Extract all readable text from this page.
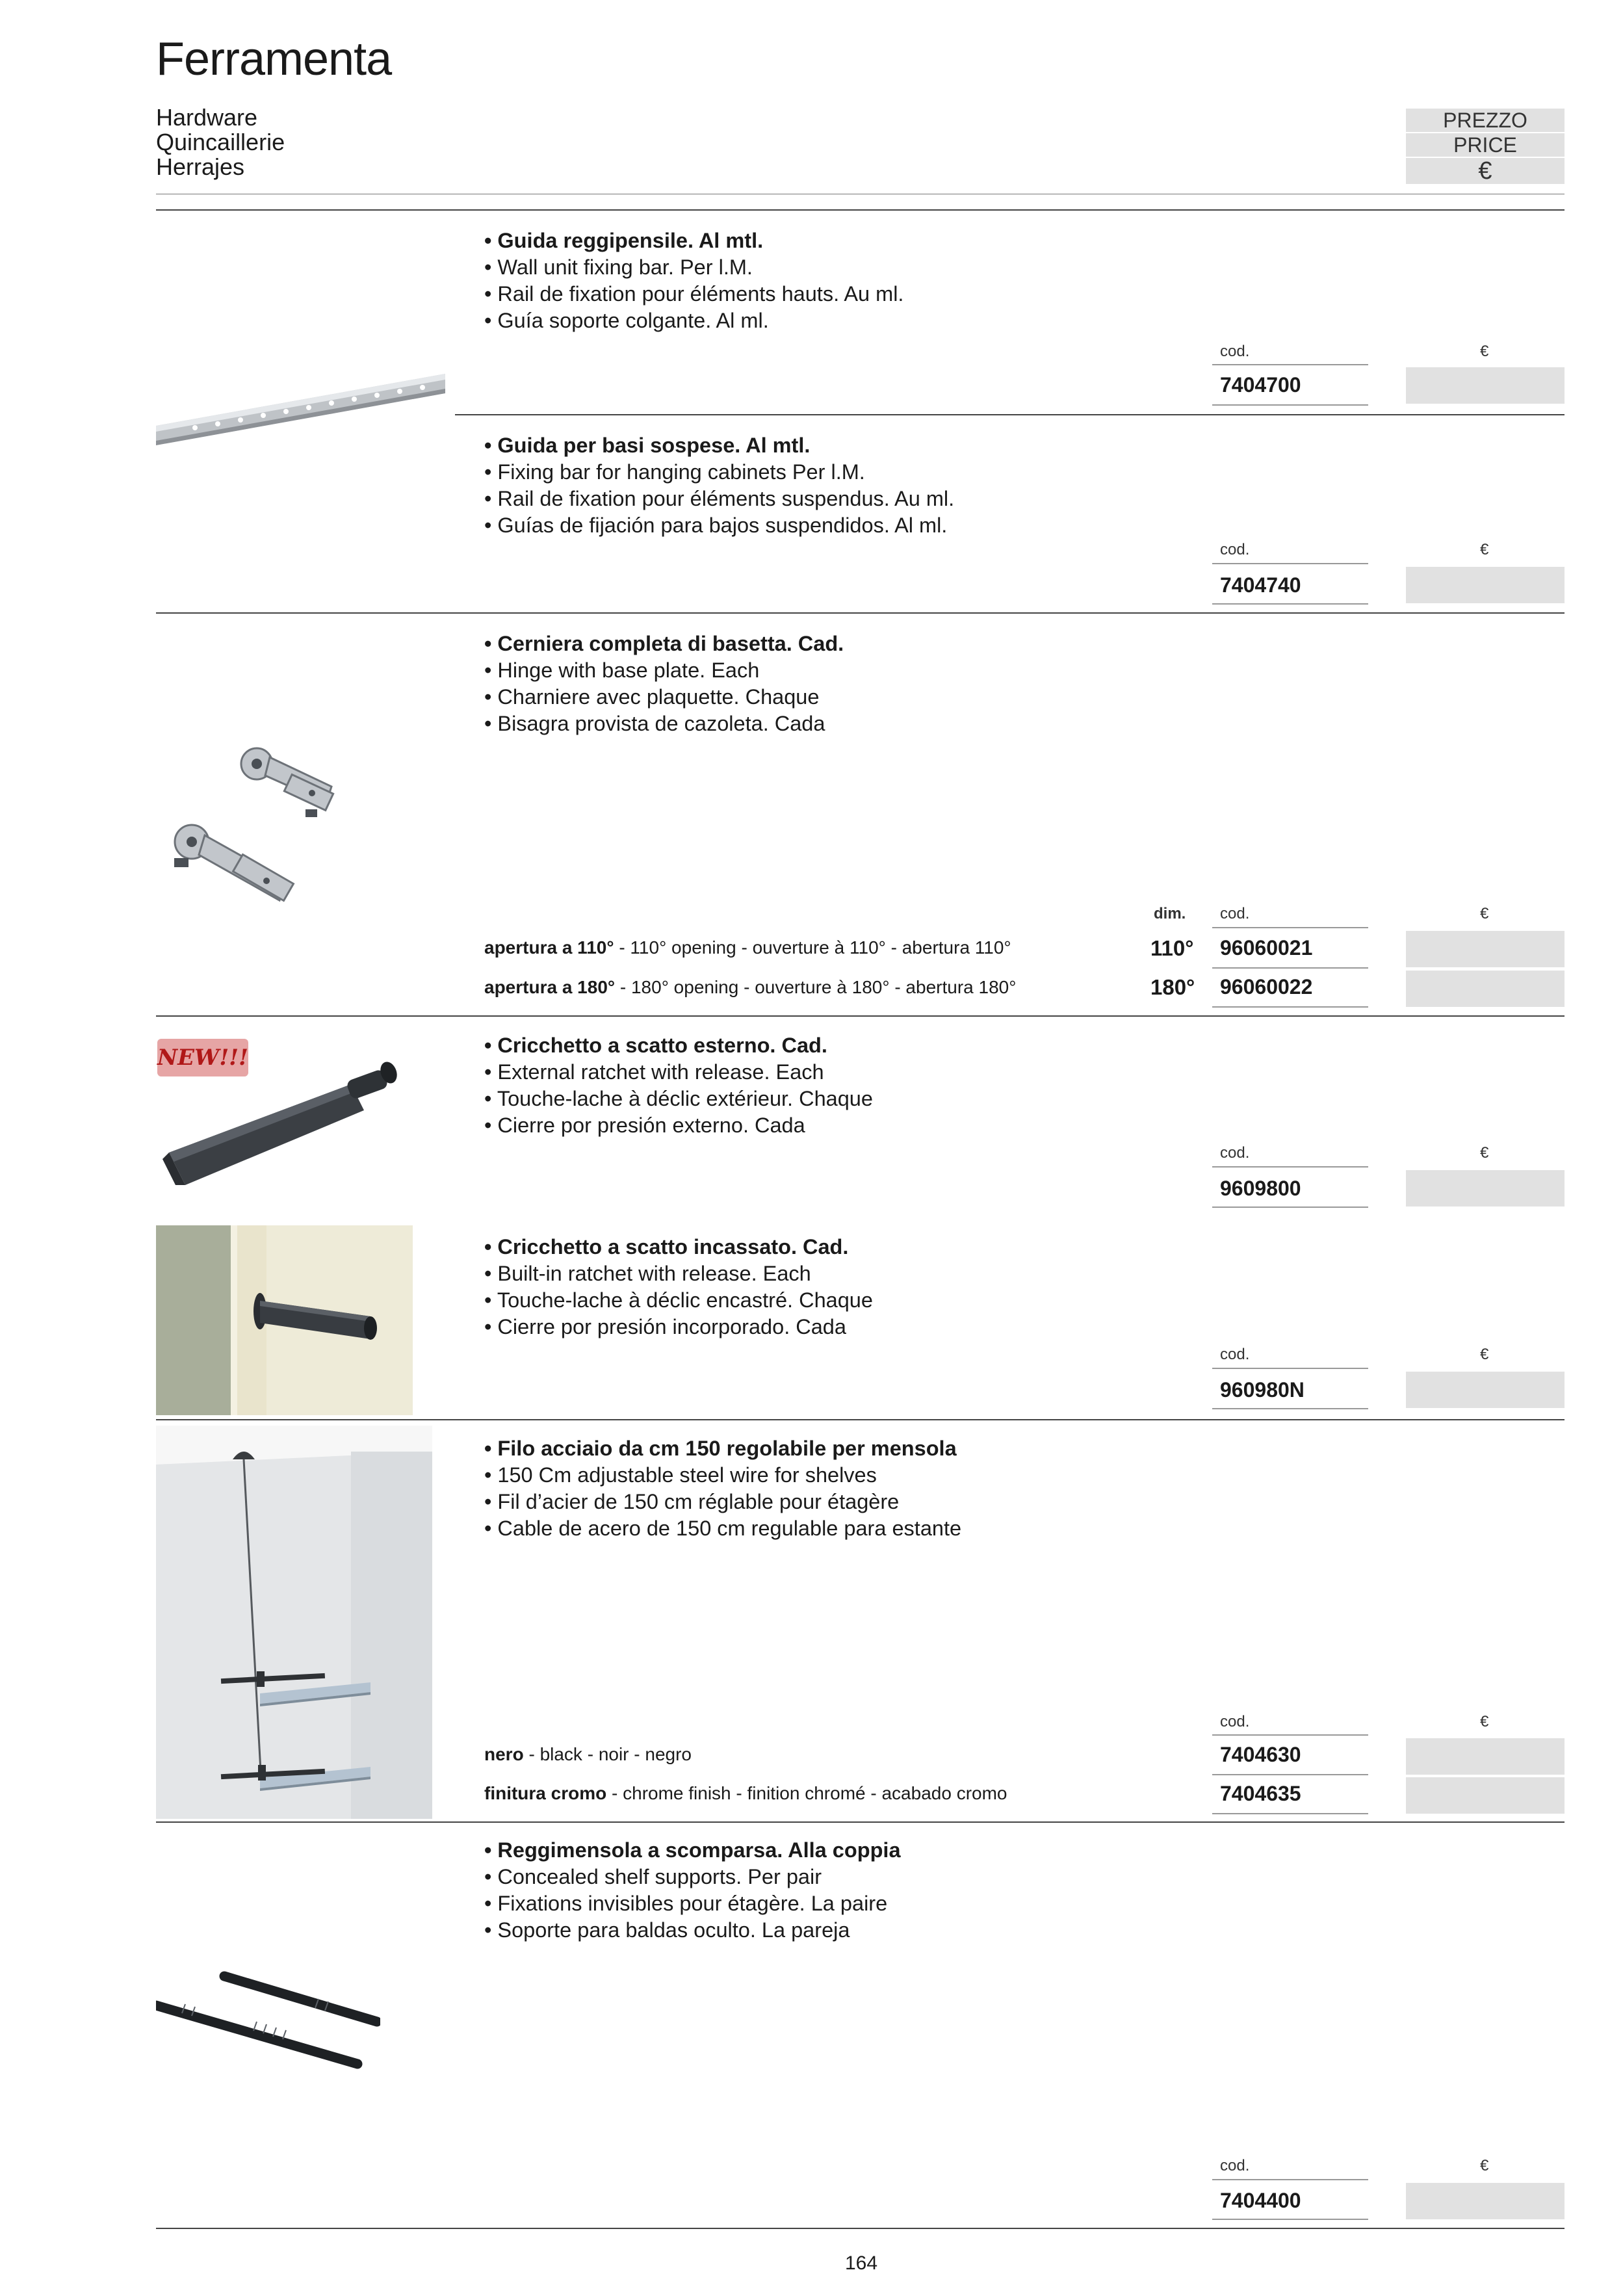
Ferramenta
Hardware
Quincaillerie
Herrajes
PREZZO
PRICE
€
• Guida reggipensile. Al mtl.
• Wall unit fixing bar. Per l.M.
• Rail de fixation pour éléments hauts. Au ml.
• Guía soporte colgante. Al ml.
cod.	€
7404700
• Guida per basi sospese. Al mtl.
• Fixing bar for hanging cabinets Per l.M.
• Rail de fixation pour éléments suspendus. Au ml.
• Guías de fijación para bajos suspendidos. Al ml.
cod.	€
7404740
• Cerniera completa di basetta. Cad.
• Hinge with base plate. Each
• Charniere avec plaquette. Chaque
• Bisagra provista de cazoleta. Cada
dim. cod.	€
apertura a 110° - 110° opening - ouverture à 110° - abertura 110°	110° 96060021
apertura a 180° - 180° opening - ouverture à 180° - abertura 180°	180° 96060022
NEW!!!	• Cricchetto a scatto esterno. Cad.
• External ratchet with release. Each
• Touche-lache à déclic extérieur. Chaque
• Cierre por presión externo. Cada
cod.	€
9609800
• Cricchetto a scatto incassato. Cad.
• Built-in ratchet with release. Each
• Touche-lache à déclic encastré. Chaque
• Cierre por presión incorporado. Cada
cod.	€
960980N
• Filo acciaio da cm 150 regolabile per mensola
• 150 Cm adjustable steel wire for shelves
• Fil d’acier de 150 cm réglable pour étagère
• Cable de acero de 150 cm regulable para estante
cod.	€
nero - black - noir - negro	7404630
finitura cromo - chrome finish - finition chromé - acabado cromo	7404635
• Reggimensola a scomparsa. Alla coppia
• Concealed shelf supports. Per pair
• Fixations invisibles pour étagère. La paire
• Soporte para baldas oculto. La pareja
cod.	€
7404400
164
